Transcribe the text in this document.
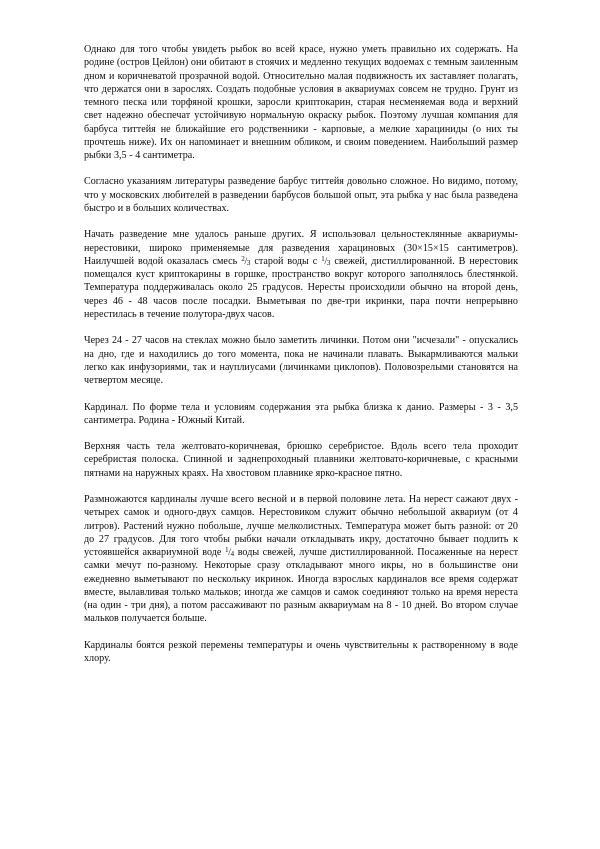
Однако для того чтобы увидеть рыбок во всей красе, нужно уметь правильно их содержать. На родине (остров Цейлон) они обитают в стоячих и медленно текущих водоемах с темным заиленным дном и коричневатой прозрачной водой. Относительно малая подвижность их заставляет полагать, что держатся они в зарослях. Создать подобные условия в аквариумах совсем не трудно. Грунт из темного песка или торфяной крошки, заросли криптокарин, старая несменяемая вода и верхний свет надежно обеспечат устойчивую нормальную окраску рыбок. Поэтому лучшая компания для барбуса титтейя не ближайшие его родственники - карповые, а мелкие харациниды (о них ты прочтешь ниже). Их он напоминает и внешним обликом, и своим поведением. Наибольший размер рыбки 3,5 - 4 сантиметра.

Согласно указаниям литературы разведение барбус титтейя довольно сложное. Но видимо, потому, что у московских любителей в разведении барбусов большой опыт, эта рыбка у нас была разведена быстро и в больших количествах.

Начать разведение мне удалось раньше других. Я использовал цельностеклянные аквариумы-нерестовики, широко применяемые для разведения харациновых (30×15×15 сантиметров). Наилучшей водой оказалась смесь $^2$/3 старой воды с $^1$/3 свежей, дистиллированной. В нерестовик помещался куст криптокарины в горшке, пространство вокруг которого заполнялось блестянкой. Температура поддерживалась около 25 градусов. Нересты происходили обычно на второй день, через 46 - 48 часов после посадки. Выметывая по две-три икринки, пара почти непрерывно нерестилась в течение полутора-двух часов.

Через 24 - 27 часов на стеклах можно было заметить личинки. Потом они "исчезали" - опускались на дно, где и находились до того момента, пока не начинали плавать. Выкармливаются мальки легко как инфузориями, так и науплиусами (личинками циклопов). Половозрелыми становятся на четвертом месяце.

Кардинал. По форме тела и условиям содержания эта рыбка близка к данио. Размеры - 3 - 3,5 сантиметра. Родина - Южный Китай.

Верхняя часть тела желтовато-коричневая, брюшко серебристое. Вдоль всего тела проходит серебристая полоска. Спинной и заднепроходный плавники желтовато-коричневые, с красными пятнами на наружных краях. На хвостовом плавнике ярко-красное пятно.

Размножаются кардиналы лучше всего весной и в первой половине лета. На нерест сажают двух - четырех самок и одного-двух самцов. Нерестовиком служит обычно небольшой аквариум (от 4 литров). Растений нужно побольше, лучше мелколистных. Температура может быть разной: от 20 до 27 градусов. Для того чтобы рыбки начали откладывать икру, достаточно бывает подлить к устоявшейся аквариумной воде $^1$/4 воды свежей, лучше дистиллированной. Посаженные на нерест самки мечут по-разному. Некоторые сразу откладывают много икры, но в большинстве они ежедневно выметывают по нескольку икринок. Иногда взрослых кардиналов все время содержат вместе, вылавливая только мальков; иногда же самцов и самок соединяют только на время нереста (на один - три дня), а потом рассаживают по разным аквариумам на 8 - 10 дней. Во втором случае мальков получается больше.

Кардиналы боятся резкой перемены температуры и очень чувствительны к растворенному в воде хлору.
